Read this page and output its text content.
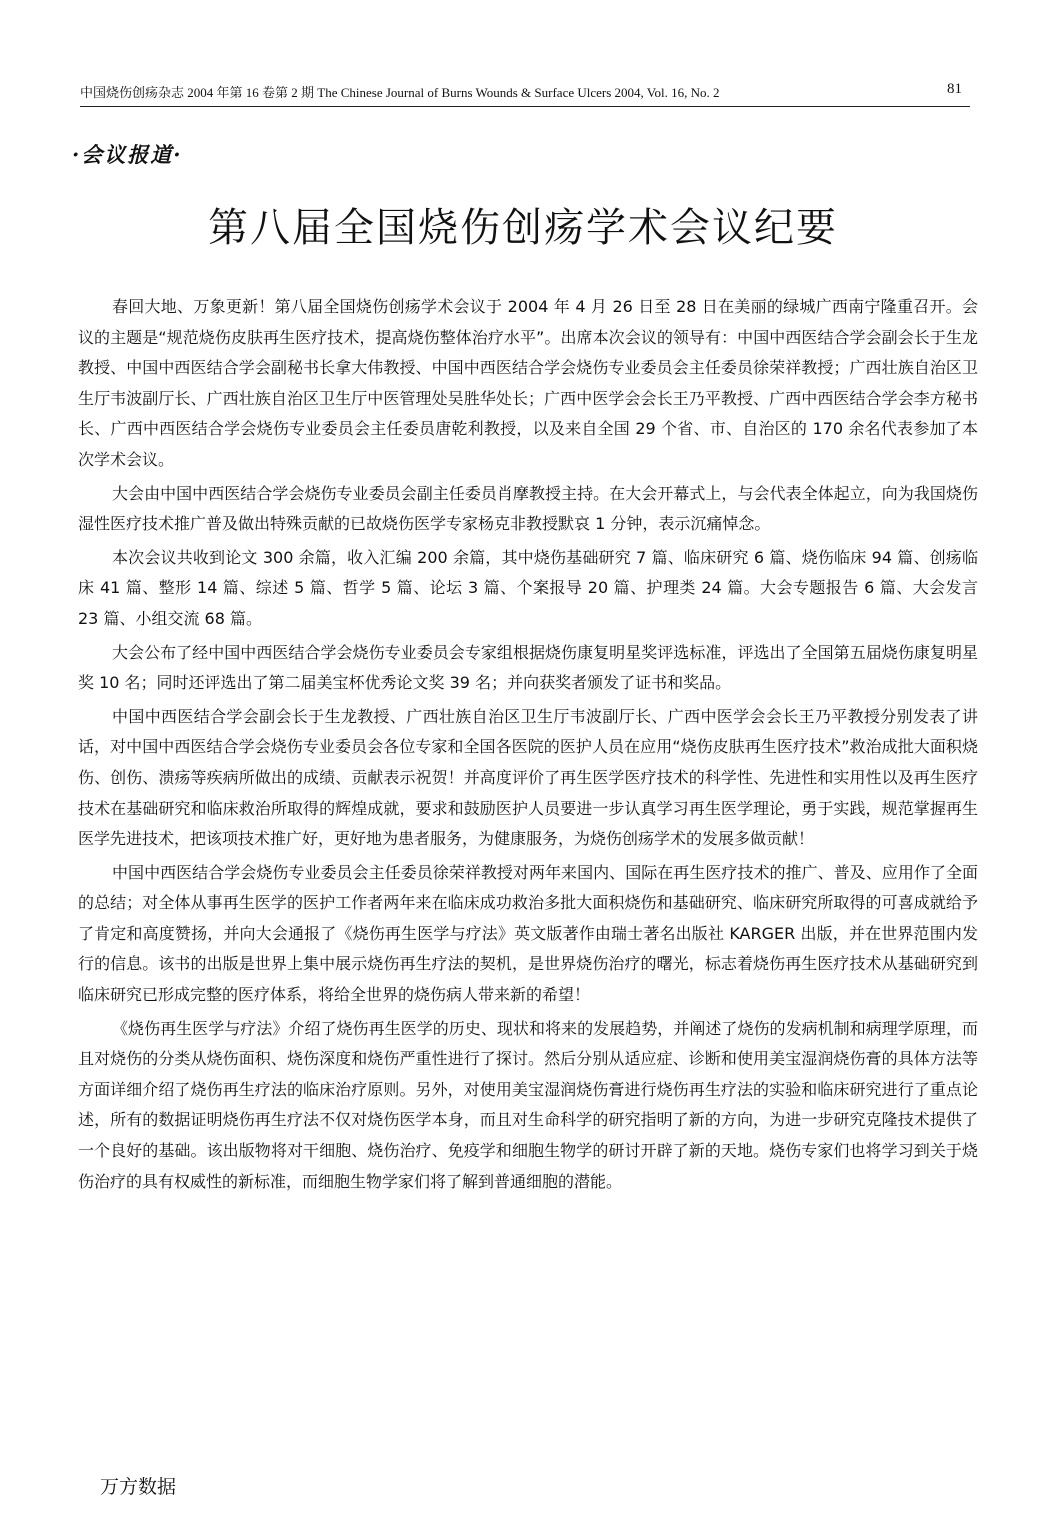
中国烧伤创疡杂志 2004 年第 16 卷第 2 期 The Chinese Journal of Burns Wounds & Surface Ulcers 2004, Vol. 16, No. 2	81
·会议报道·
第八届全国烧伤创疡学术会议纪要

春回大地、万象更新！第八届全国烧伤创疡学术会议于 2004 年 4 月 26 日至 28 日在美丽的绿城广西南宁隆重召开。会议的主题是“规范烧伤皮肤再生医疗技术，提高烧伤整体治疗水平”。出席本次会议的领导有：中国中西医结合学会副会长于生龙教授、中国中西医结合学会副秘书长拿大伟教授、中国中西医结合学会烧伤专业委员会主任委员徐荣祥教授；广西壮族自治区卫生厅韦波副厅长、广西壮族自治区卫生厅中医管理处吴胜华处长；广西中医学会会长王乃平教授、广西中西医结合学会李方秘书长、广西中西医结合学会烧伤专业委员会主任委员唐乾利教授，以及来自全国 29 个省、市、自治区的 170 余名代表参加了本次学术会议。

大会由中国中西医结合学会烧伤专业委员会副主任委员肖摩教授主持。在大会开幕式上，与会代表全体起立，向为我国烧伤湿性医疗技术推广普及做出特殊贡献的已故烧伤医学专家杨克非教授默哀 1 分钟，表示沉痛悼念。

本次会议共收到论文 300 余篇，收入汇编 200 余篇，其中烧伤基础研究 7 篇、临床研究 6 篇、烧伤临床 94 篇、创疡临床 41 篇、整形 14 篇、综述 5 篇、哲学 5 篇、论坛 3 篇、个案报导 20 篇、护理类 24 篇。大会专题报告 6 篇、大会发言 23 篇、小组交流 68 篇。

大会公布了经中国中西医结合学会烧伤专业委员会专家组根据烧伤康复明星奖评选标准，评选出了全国第五届烧伤康复明星奖 10 名；同时还评选出了第二届美宝杯优秀论文奖 39 名；并向获奖者颁发了证书和奖品。

中国中西医结合学会副会长于生龙教授、广西壮族自治区卫生厅韦波副厅长、广西中医学会会长王乃平教授分别发表了讲话，对中国中西医结合学会烧伤专业委员会各位专家和全国各医院的医护人员在应用“烧伤皮肤再生医疗技术”救治成批大面积烧伤、创伤、溃疡等疾病所做出的成绩、贡献表示祝贺！并高度评价了再生医学医疗技术的科学性、先进性和实用性以及再生医疗技术在基础研究和临床救治所取得的辉煌成就，要求和鼓励医护人员要进一步认真学习再生医学理论，勇于实践，规范掌握再生医学先进技术，把该项技术推广好，更好地为患者服务，为健康服务，为烧伤创疡学术的发展多做贡献！

中国中西医结合学会烧伤专业委员会主任委员徐荣祥教授对两年来国内、国际在再生医疗技术的推广、普及、应用作了全面的总结；对全体从事再生医学的医护工作者两年来在临床成功救治多批大面积烧伤和基础研究、临床研究所取得的可喜成就给予了肯定和高度赞扬，并向大会通报了《烧伤再生医学与疗法》英文版著作由瑞士著名出版社 KARGER 出版，并在世界范围内发行的信息。该书的出版是世界上集中展示烧伤再生疗法的契机，是世界烧伤治疗的曙光，标志着烧伤再生医疗技术从基础研究到临床研究已形成完整的医疗体系，将给全世界的烧伤病人带来新的希望！

《烧伤再生医学与疗法》介绍了烧伤再生医学的历史、现状和将来的发展趋势，并阐述了烧伤的发病机制和病理学原理，而且对烧伤的分类从烧伤面积、烧伤深度和烧伤严重性进行了探讨。然后分别从适应症、诊断和使用美宝湿润烧伤膏的具体方法等方面详细介绍了烧伤再生疗法的临床治疗原则。另外，对使用美宝湿润烧伤膏进行烧伤再生疗法的实验和临床研究进行了重点论述，所有的数据证明烧伤再生疗法不仅对烧伤医学本身，而且对生命科学的研究指明了新的方向，为进一步研究克隆技术提供了一个良好的基础。该出版物将对干细胞、烧伤治疗、免疫学和细胞生物学的研讨开辟了新的天地。烧伤专家们也将学习到关于烧伤治疗的具有权威性的新标准，而细胞生物学家们将了解到普通细胞的潜能。

万方数据
